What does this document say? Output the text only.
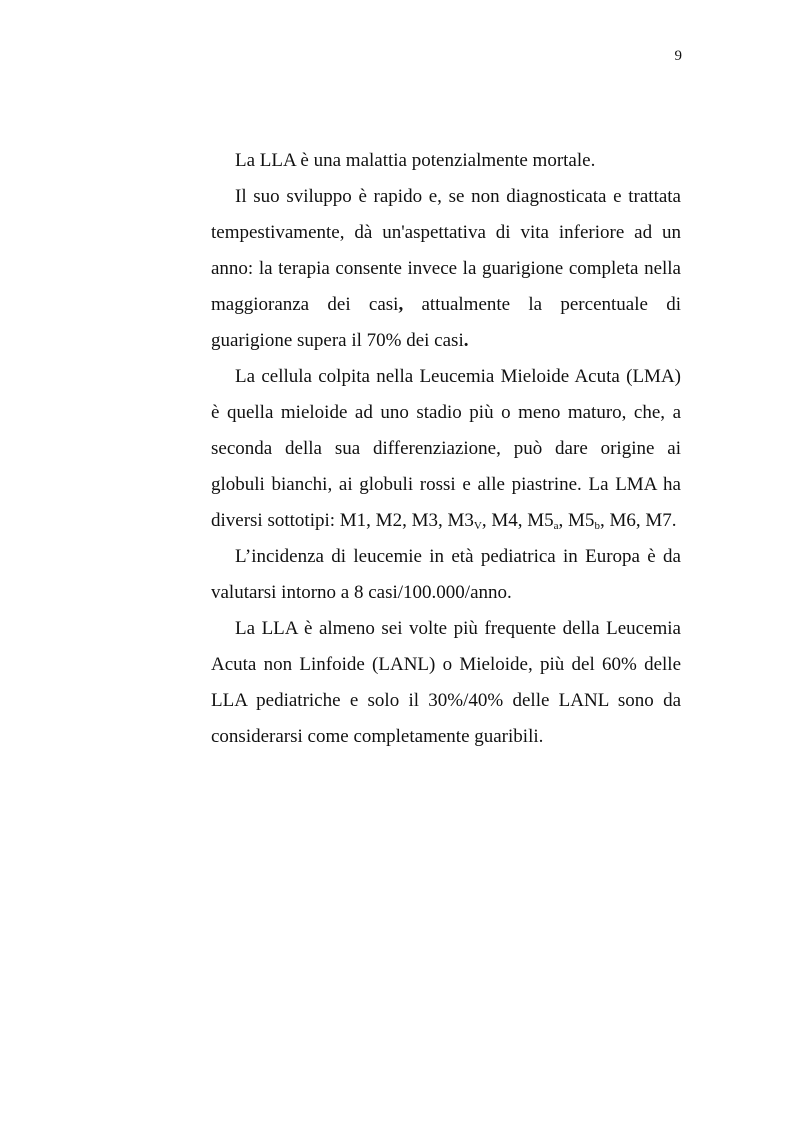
9

La LLA è una malattia potenzialmente mortale.

Il suo sviluppo è rapido e, se non diagnosticata e trattata tempestivamente, dà un'aspettativa di vita inferiore ad un anno: la terapia consente invece la guarigione completa nella maggioranza dei casi, attualmente la percentuale di guarigione supera il 70% dei casi.

La cellula colpita nella Leucemia Mieloide Acuta (LMA) è quella mieloide ad uno stadio più o meno maturo, che, a seconda della sua differenziazione, può dare origine ai globuli bianchi, ai globuli rossi e alle piastrine. La LMA ha diversi sottotipi: M1, M2, M3, $M3_V$, M4, $M5_a$, $M5_b$, M6, M7.

L’incidenza di leucemie in età pediatrica in Europa è da valutarsi intorno a 8 casi/100.000/anno.

La LLA è almeno sei volte più frequente della Leucemia Acuta non Linfoide (LANL) o Mieloide, più del 60% delle LLA pediatriche e solo il 30%/40% delle LANL sono da considerarsi come completamente guaribili.
